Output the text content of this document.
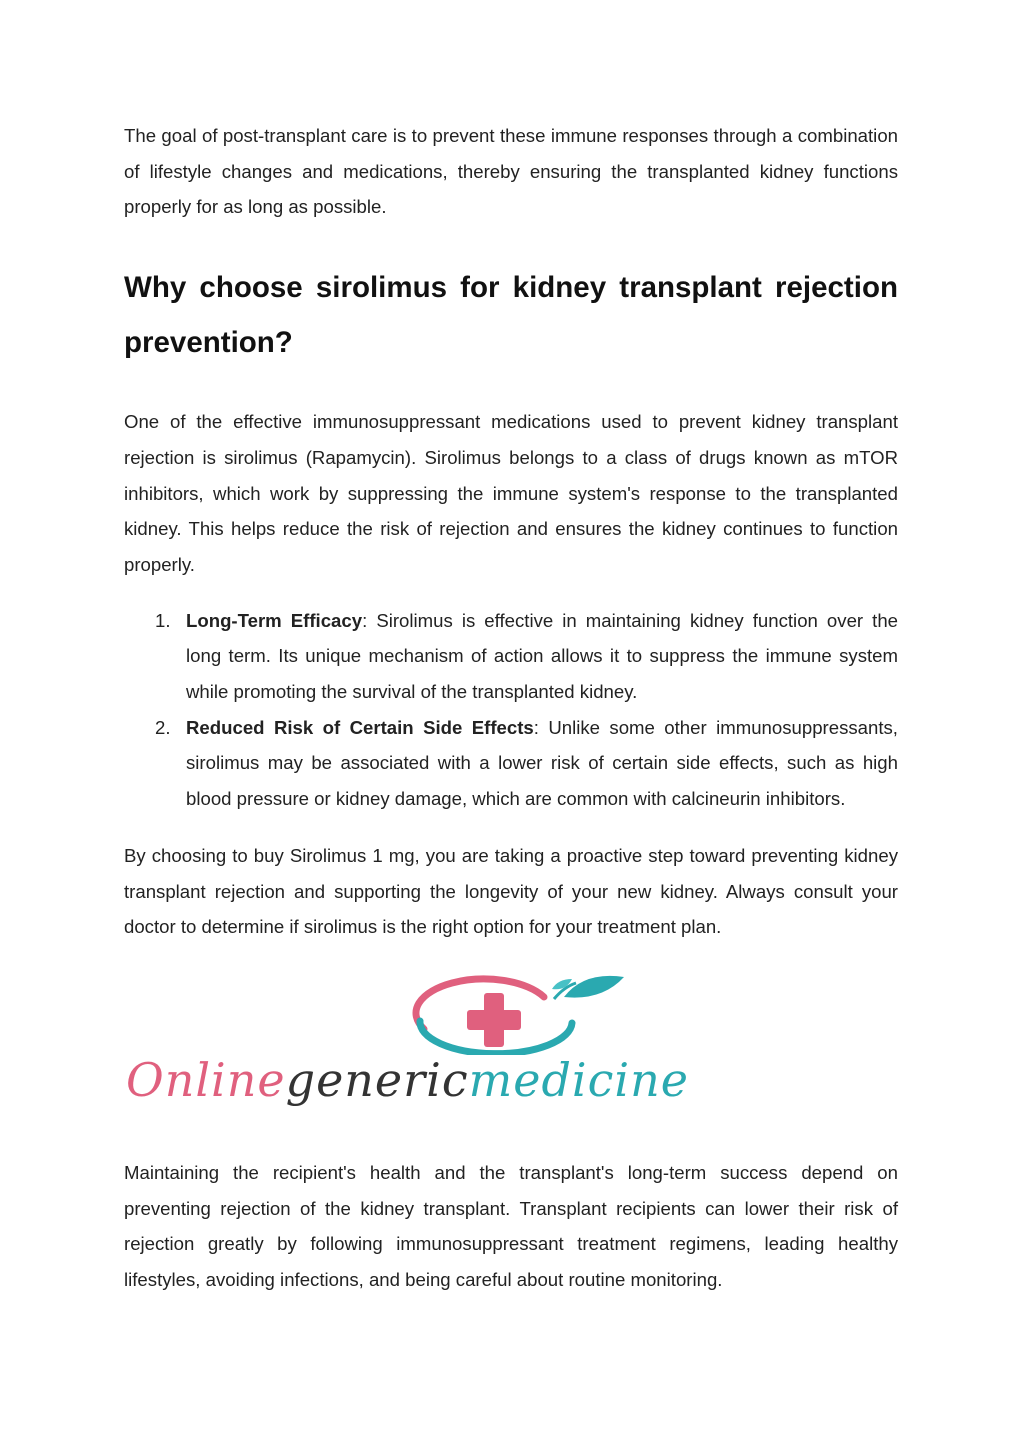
The goal of post-transplant care is to prevent these immune responses through a combination of lifestyle changes and medications, thereby ensuring the transplanted kidney functions properly for as long as possible.

Why choose sirolimus for kidney transplant rejection prevention?

One of the effective immunosuppressant medications used to prevent kidney transplant rejection is sirolimus (Rapamycin). Sirolimus belongs to a class of drugs known as mTOR inhibitors, which work by suppressing the immune system's response to the transplanted kidney. This helps reduce the risk of rejection and ensures the kidney continues to function properly.

1. Long-Term Efficacy: Sirolimus is effective in maintaining kidney function over the long term. Its unique mechanism of action allows it to suppress the immune system while promoting the survival of the transplanted kidney.
2. Reduced Risk of Certain Side Effects: Unlike some other immunosuppressants, sirolimus may be associated with a lower risk of certain side effects, such as high blood pressure or kidney damage, which are common with calcineurin inhibitors.

By choosing to buy Sirolimus 1 mg, you are taking a proactive step toward preventing kidney transplant rejection and supporting the longevity of your new kidney. Always consult your doctor to determine if sirolimus is the right option for your treatment plan.

Onlinegenericmedicine

Maintaining the recipient's health and the transplant's long-term success depend on preventing rejection of the kidney transplant. Transplant recipients can lower their risk of rejection greatly by following immunosuppressant treatment regimens, leading healthy lifestyles, avoiding infections, and being careful about routine monitoring.
